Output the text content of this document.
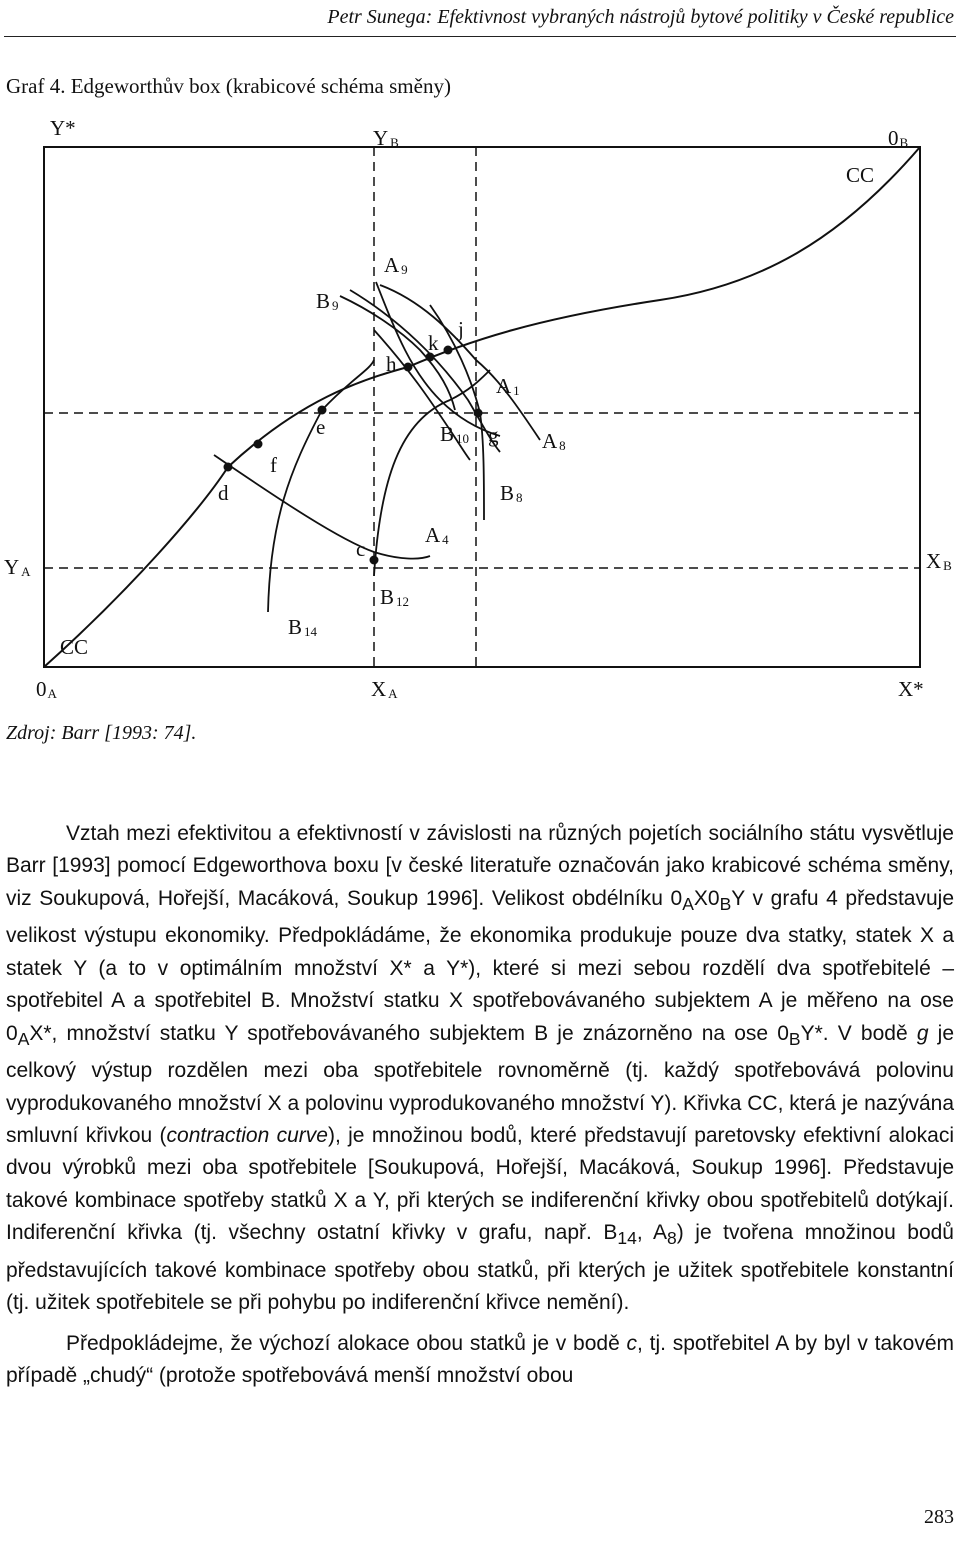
Petr Sunega: Efektivnost vybraných nástrojů bytové politiky v České republice
Graf 4. Edgeworthův box (krabicové schéma směny)
Y*	Y B	0B
CC
A 9
B 9
k
j
h
A 1
e	B 10 g A 8
f
d	B 8
c
A 4
Y A	X B
B 12
B 14
CC
0A	X A	X*
Zdroj: Barr [1993: 74].

Vztah mezi efektivitou a efektivností v závislosti na různých pojetích sociálního státu vysvětluje Barr [1993] pomocí Edgeworthova boxu [v české literatuře označován jako krabicové schéma směny, viz Soukupová, Hořejší, Macáková, Soukup 1996]. Velikost obdélníku $0_AX0_BY$ v grafu 4 představuje velikost výstupu ekonomiky. Předpokládáme, že ekonomika produkuje pouze dva statky, statek X a statek Y (a to v optimálním množství X* a Y*), které si mezi sebou rozdělí dva spotřebitelé – spotřebitel A a spotřebitel B. Množství statku X spotřebovávaného subjektem A je měřeno na ose $0_AX*$, množství statku Y spotřebovávaného subjektem B je znázorněno na ose $0_BY*$. V bodě g je celkový výstup rozdělen mezi oba spotřebitele rovnoměrně (tj. každý spotřebovává polovinu vyprodukovaného množství X a polovinu vyprodukovaného množství Y). Křivka CC, která je nazývána smluvní křivkou (contraction curve), je množinou bodů, které představují paretovsky efektivní alokaci dvou výrobků mezi oba spotřebitele [Soukupová, Hořejší, Macáková, Soukup 1996]. Představuje takové kombinace spotřeby statků X a Y, při kterých se indiferenční křivky obou spotřebitelů dotýkají. Indiferenční křivka (tj. všechny ostatní křivky v grafu, např. $B_{14}$, $A_8$) je tvořena množinou bodů představujících takové kombinace spotřeby obou statků, při kterých je užitek spotřebitele konstantní (tj. užitek spotřebitele se při pohybu po indiferenční křivce nemění).

Předpokládejme, že výchozí alokace obou statků je v bodě c, tj. spotřebitel A by byl v takovém případě „chudý“ (protože spotřebovává menší množství obou

283
